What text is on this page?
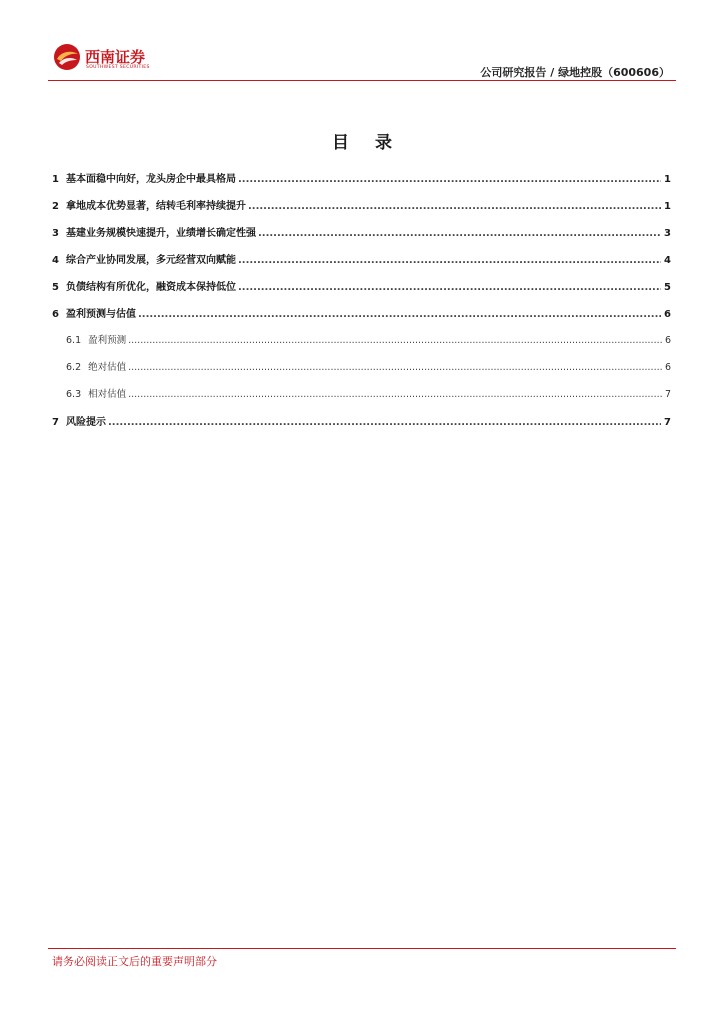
西南证券
SOUTHWEST SECURITIES	公司研究报告 / 绿地控股（600606）
目 录
1 基本面稳中向好，龙头房企中最具格局 .....	1
2 拿地成本优势显著，结转毛利率持续提升 .....	1
3 基建业务规模快速提升，业绩增长确定性强 .....	3
4 综合产业协同发展，多元经营双向赋能 .....	4
5 负债结构有所优化，融资成本保持低位 .....	5
6 盈利预测与估值 .....	6
6.1 盈利预测 .....	6
6.2 绝对估值 .....	6
6.3 相对估值 .....	7
7 风险提示 .....	7
请务必阅读正文后的重要声明部分
